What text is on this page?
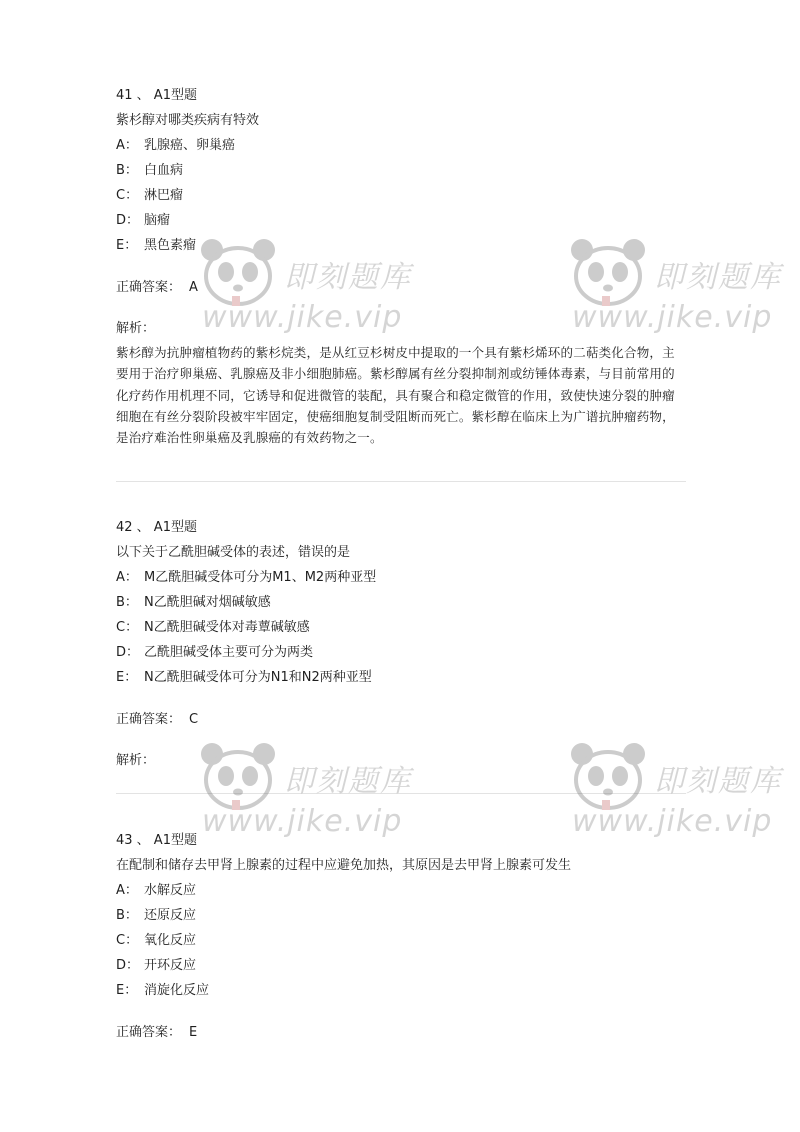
41 、 A1型题
紫杉醇对哪类疾病有特效
A： 乳腺癌、卵巢癌
B： 白血病
C： 淋巴瘤
D： 脑瘤
E： 黑色素瘤
正确答案： A
解析：
紫杉醇为抗肿瘤植物药的紫杉烷类，是从红豆杉树皮中提取的一个具有紫杉烯环的二萜类化合物，主要用于治疗卵巢癌、乳腺癌及非小细胞肺癌。紫杉醇属有丝分裂抑制剂或纺锤体毒素，与目前常用的化疗药作用机理不同，它诱导和促进微管的装配，具有聚合和稳定微管的作用，致使快速分裂的肿瘤细胞在有丝分裂阶段被牢牢固定，使癌细胞复制受阻断而死亡。紫杉醇在临床上为广谱抗肿瘤药物，是治疗难治性卵巢癌及乳腺癌的有效药物之一。
42 、 A1型题
以下关于乙酰胆碱受体的表述，错误的是
A： M乙酰胆碱受体可分为M1、M2两种亚型
B： N乙酰胆碱对烟碱敏感
C： N乙酰胆碱受体对毒蕈碱敏感
D： 乙酰胆碱受体主要可分为两类
E： N乙酰胆碱受体可分为N1和N2两种亚型
正确答案： C
解析：
43 、 A1型题
在配制和储存去甲肾上腺素的过程中应避免加热，其原因是去甲肾上腺素可发生
A： 水解反应
B： 还原反应
C： 氧化反应
D： 开环反应
E： 消旋化反应
正确答案： E
即刻题库
www.jike.vip
即刻题库
www.jike.vip
即刻题库
www.jike.vip
即刻题库
www.jike.vip
